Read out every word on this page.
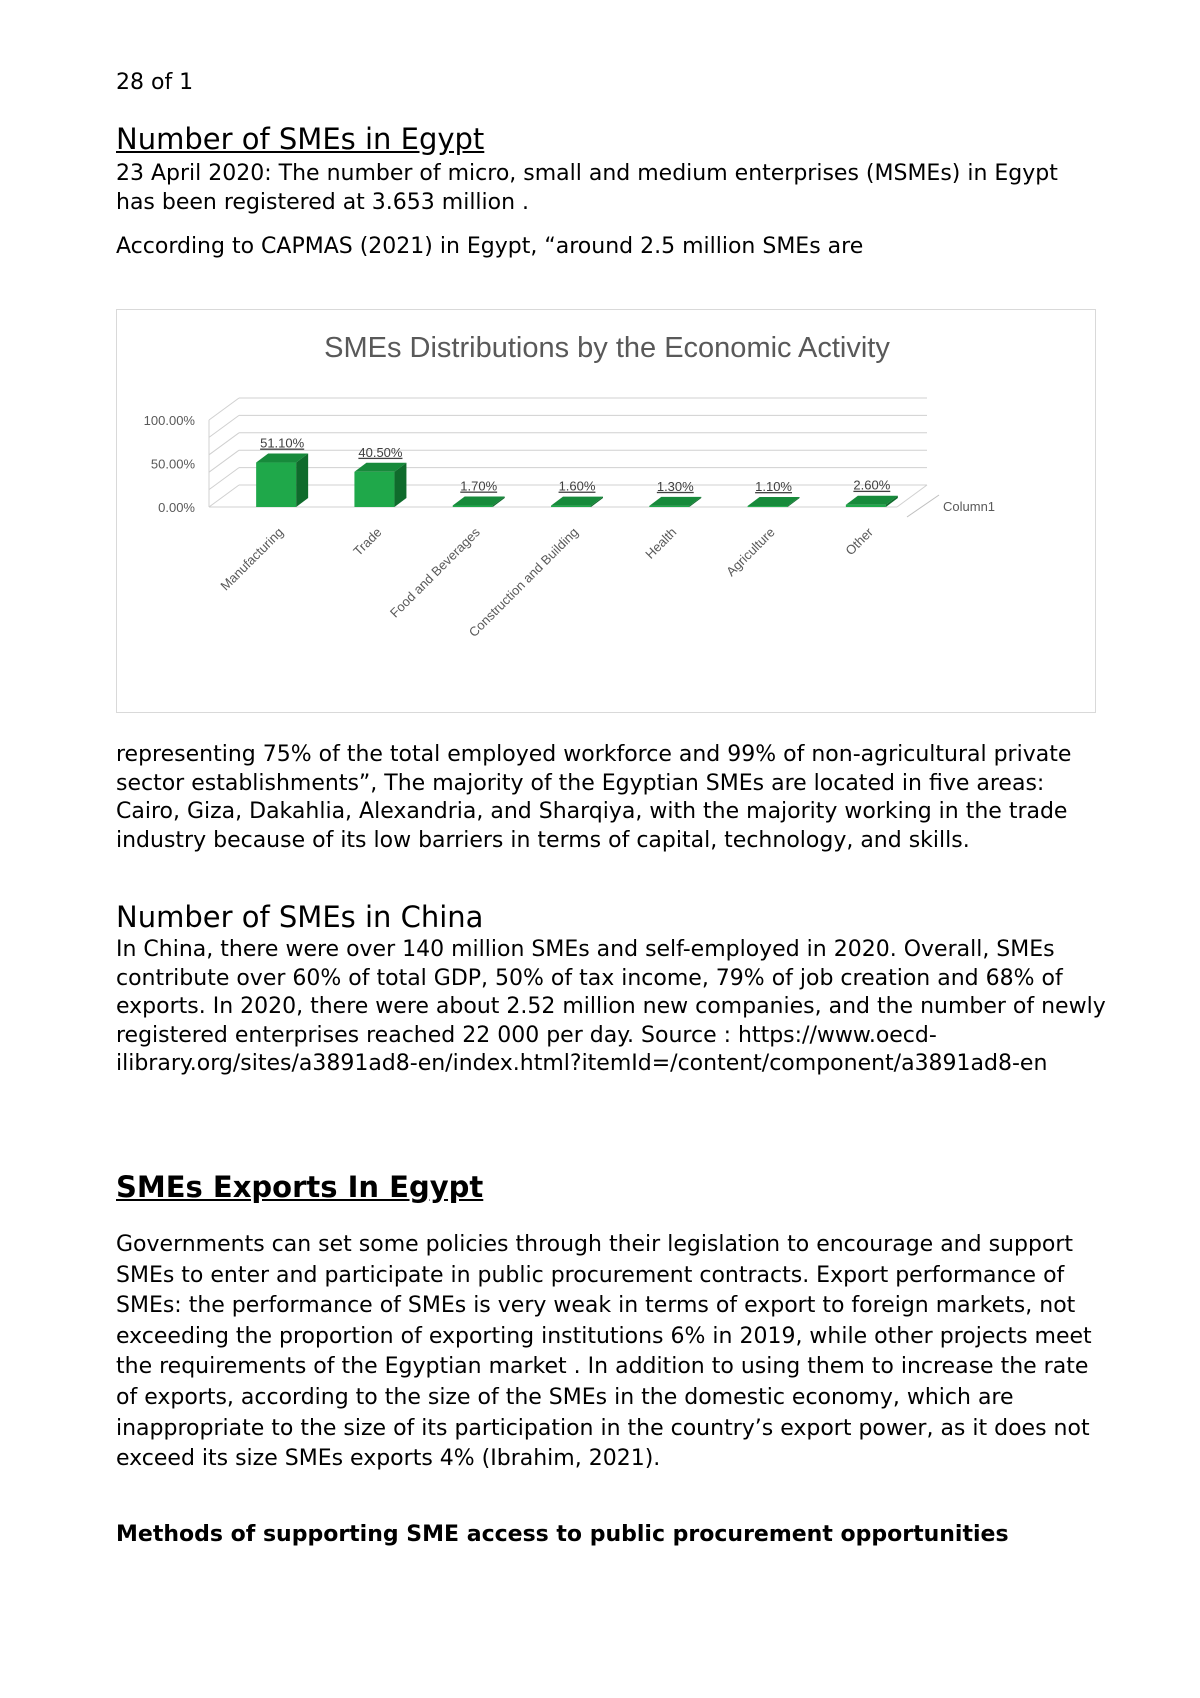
28 of 1
Number of SMEs in Egypt

23 April 2020: The number of micro, small and medium enterprises (MSMEs) in Egypt has been registered at 3.653 million .

According to CAPMAS (2021) in Egypt, “around 2.5 million SMEs are

SMEs Distributions by the Economic Activity
0.00%
50.00%
100.00%
51.10%
Manufacturing
40.50%
Trade
1.70%
Food and Beverages
1.60%
Construction and Building
1.30%
Health
1.10%
Agriculture
2.60%
Other
Column1

representing 75% of the total employed workforce and 99% of non-agricultural private sector establishments”, The majority of the Egyptian SMEs are located in five areas: Cairo, Giza, Dakahlia, Alexandria, and Sharqiya, with the majority working in the trade industry because of its low barriers in terms of capital, technology, and skills.

Number of SMEs in China

In China, there were over 140 million SMEs and self-employed in 2020. Overall, SMEs contribute over 60% of total GDP, 50% of tax income, 79% of job creation and 68% of exports. In 2020, there were about 2.52 million new companies, and the number of newly registered enterprises reached 22 000 per day. Source : https://www.oecd-ilibrary.org/sites/a3891ad8-en/index.html?itemId=/content/component/a3891ad8-en

SMEs Exports In Egypt

Governments can set some policies through their legislation to encourage and support SMEs to enter and participate in public procurement contracts. Export performance of SMEs: the performance of SMEs is very weak in terms of export to foreign markets, not exceeding the proportion of exporting institutions 6% in 2019, while other projects meet the requirements of the Egyptian market . In addition to using them to increase the rate of exports, according to the size of the SMEs in the domestic economy, which are inappropriate to the size of its participation in the country’s export power, as it does not exceed its size SMEs exports 4% (Ibrahim, 2021).

Methods of supporting SME access to public procurement opportunities
